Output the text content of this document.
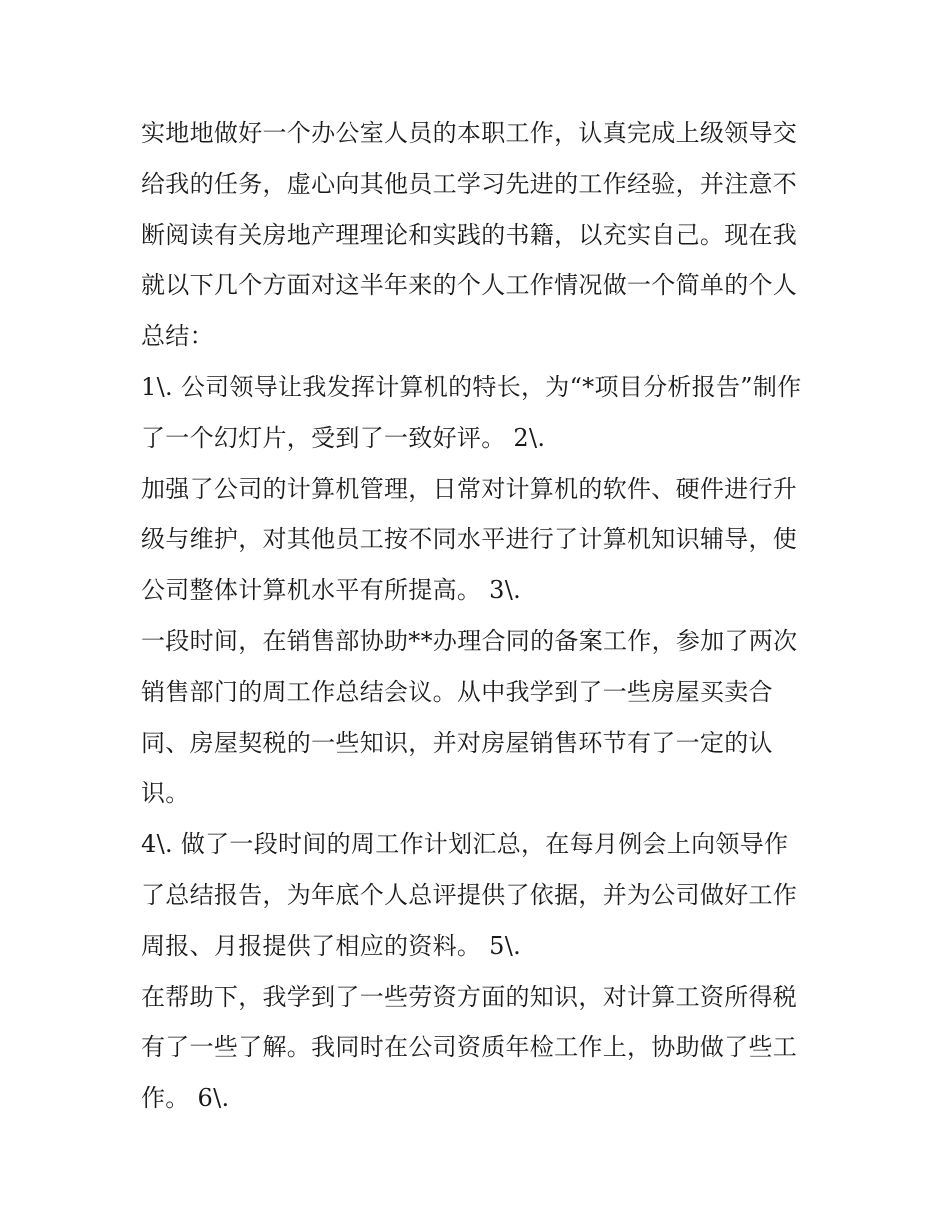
实地地做好一个办公室人员的本职工作，认真完成上级领导交
给我的任务，虚心向其他员工学习先进的工作经验，并注意不
断阅读有关房地产理理论和实践的书籍，以充实自己。现在我
就以下几个方面对这半年来的个人工作情况做一个简单的个人
总结：
1\. 公司领导让我发挥计算机的特长，为“*项目分析报告”制作
了一个幻灯片，受到了一致好评。 2\.
加强了公司的计算机管理，日常对计算机的软件、硬件进行升
级与维护，对其他员工按不同水平进行了计算机知识辅导，使
公司整体计算机水平有所提高。 3\.
一段时间，在销售部协助**办理合同的备案工作，参加了两次
销售部门的周工作总结会议。从中我学到了一些房屋买卖合
同、房屋契税的一些知识，并对房屋销售环节有了一定的认
识。
4\. 做了一段时间的周工作计划汇总，在每月例会上向领导作
了总结报告，为年底个人总评提供了依据，并为公司做好工作
周报、月报提供了相应的资料。 5\.
在帮助下，我学到了一些劳资方面的知识，对计算工资所得税
有了一些了解。我同时在公司资质年检工作上，协助做了些工
作。 6\.
